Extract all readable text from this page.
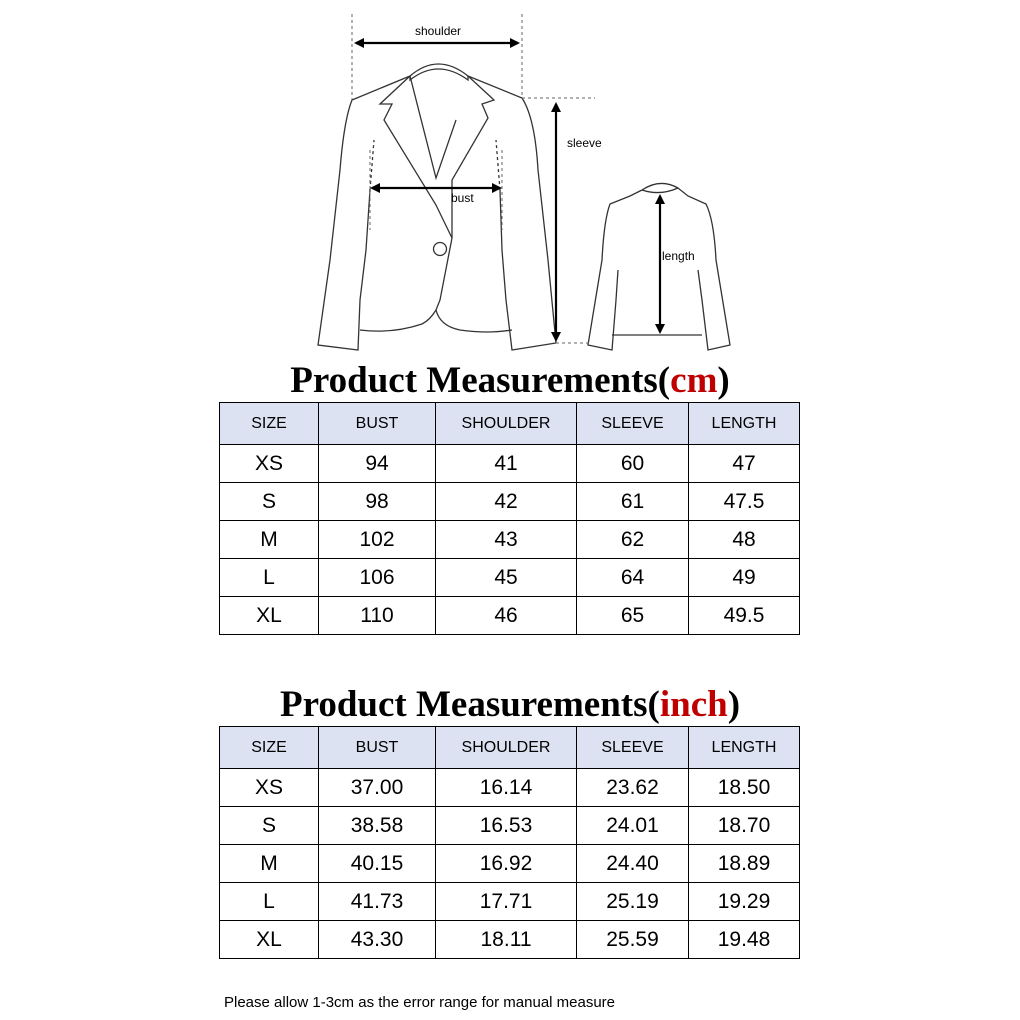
shoulder
sleeve
bust
length
Product Measurements(cm)
SIZE	BUST	SHOULDER	SLEEVE	LENGTH
XS	94	41	60	47
S	98	42	61	47.5
M	102	43	62	48
L	106	45	64	49
XL	110	46	65	49.5
Product Measurements(inch)
SIZE	BUST	SHOULDER	SLEEVE	LENGTH
XS	37.00	16.14	23.62	18.50
S	38.58	16.53	24.01	18.70
M	40.15	16.92	24.40	18.89
L	41.73	17.71	25.19	19.29
XL	43.30	18.11	25.59	19.48
Please allow 1-3cm as the error range for manual measure
